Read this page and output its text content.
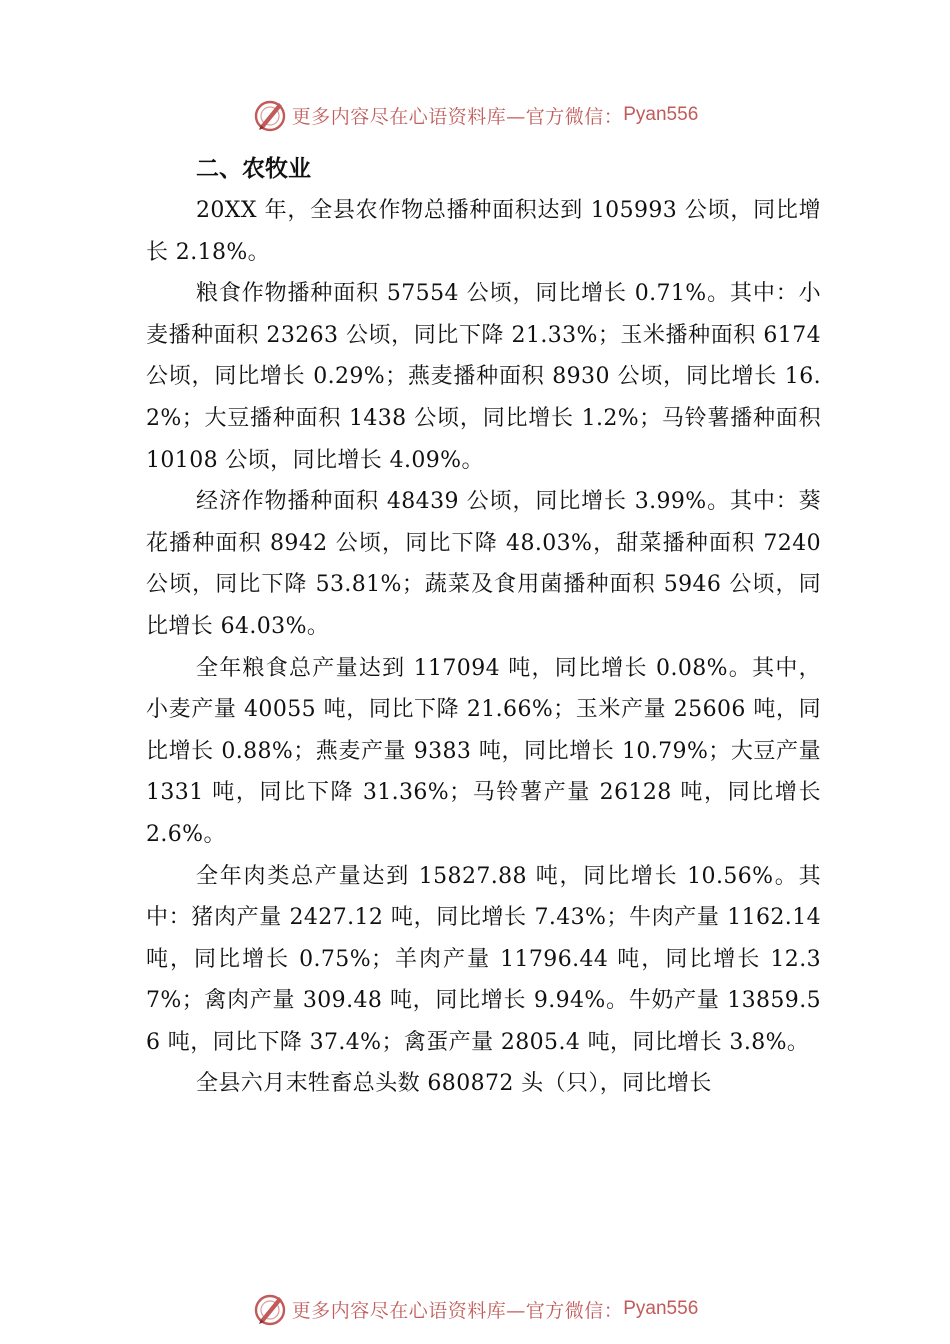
更多内容尽在心语资料库—官方微信： Pyan556
二、农牧业

20XX 年，全县农作物总播种面积达到 105993 公顷，同比增长 2.18%。

粮食作物播种面积 57554 公顷，同比增长 0.71%。其中：小麦播种面积 23263 公顷，同比下降 21.33%；玉米播种面积 6174 公顷，同比增长 0.29%；燕麦播种面积 8930 公顷，同比增长 16.2%；大豆播种面积 1438 公顷，同比增长 1.2%；马铃薯播种面积 10108 公顷，同比增长 4.09%。

经济作物播种面积 48439 公顷，同比增长 3.99%。其中：葵花播种面积 8942 公顷，同比下降 48.03%，甜菜播种面积 7240 公顷，同比下降 53.81%；蔬菜及食用菌播种面积 5946 公顷，同比增长 64.03%。

全年粮食总产量达到 117094 吨，同比增长 0.08%。其中，小麦产量 40055 吨，同比下降 21.66%；玉米产量 25606 吨，同比增长 0.88%；燕麦产量 9383 吨，同比增长 10.79%；大豆产量 1331 吨，同比下降 31.36%；马铃薯产量 26128 吨，同比增长 2.6%。

全年肉类总产量达到 15827.88 吨，同比增长 10.56%。其中：猪肉产量 2427.12 吨，同比增长 7.43%；牛肉产量 1162.14 吨，同比增长 0.75%；羊肉产量 11796.44 吨，同比增长 12.37%；禽肉产量 309.48 吨，同比增长 9.94%。牛奶产量 13859.56 吨，同比下降 37.4%；禽蛋产量 2805.4 吨，同比增长 3.8%。

全县六月末牲畜总头数 680872 头（只），同比增长

更多内容尽在心语资料库—官方微信： Pyan556
